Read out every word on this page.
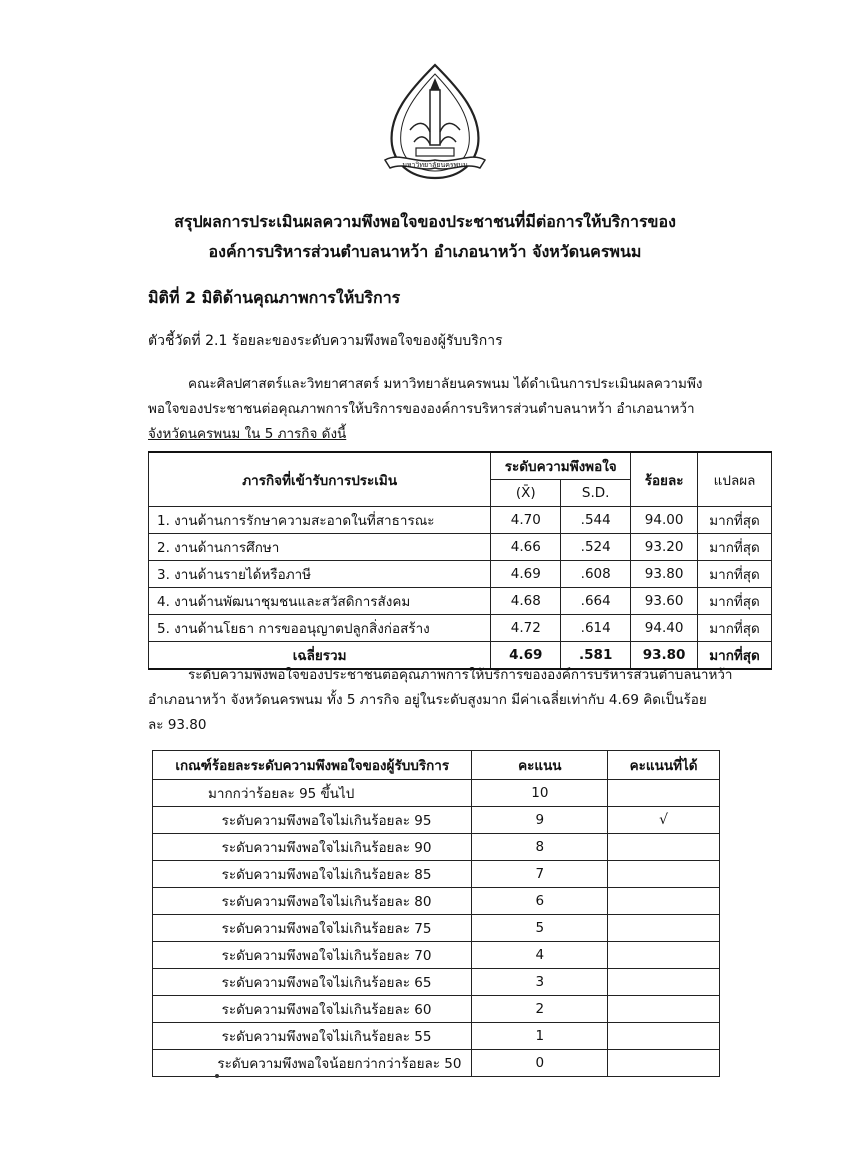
มหาวิทยาลัยนครพนม
สรุปผลการประเมินผลความพึงพอใจของประชาชนที่มีต่อการให้บริการของ
องค์การบริหารส่วนตำบลนาหว้า อำเภอนาหว้า จังหวัดนครพนม
มิติที่ 2 มิติด้านคุณภาพการให้บริการ
ตัวชี้วัดที่ 2.1 ร้อยละของระดับความพึงพอใจของผู้รับบริการ
คณะศิลปศาสตร์และวิทยาศาสตร์ มหาวิทยาลัยนครพนม ได้ดำเนินการประเมินผลความพึง
พอใจของประชาชนต่อคุณภาพการให้บริการขององค์การบริหารส่วนตำบลนาหว้า อำเภอนาหว้า
จังหวัดนครพนม ใน 5 ภารกิจ ดังนี้
ภารกิจที่เข้ารับการประเมิน	ระดับความพึงพอใจ		ร้อยละ	แปลผล
	(X̄)	S.D.		
1. งานด้านการรักษาความสะอาดในที่สาธารณะ	4.70	.544	94.00	มากที่สุด
2. งานด้านการศึกษา	4.66	.524	93.20	มากที่สุด
3. งานด้านรายได้หรือภาษี	4.69	.608	93.80	มากที่สุด
4. งานด้านพัฒนาชุมชนและสวัสดิการสังคม	4.68	.664	93.60	มากที่สุด
5. งานด้านโยธา การขออนุญาตปลูกสิ่งก่อสร้าง	4.72	.614	94.40	มากที่สุด
เฉลี่ยรวม	4.69	.581	93.80	มากที่สุด
ระดับความพึงพอใจของประชาชนต่อคุณภาพการให้บริการขององค์การบริหารส่วนตำบลนาหว้า
อำเภอนาหว้า จังหวัดนครพนม ทั้ง 5 ภารกิจ อยู่ในระดับสูงมาก มีค่าเฉลี่ยเท่ากับ 4.69 คิดเป็นร้อย
ละ 93.80
เกณฑ์ร้อยละระดับความพึงพอใจของผู้รับบริการ	คะแนน	คะแนนที่ได้
มากกว่าร้อยละ 95 ขึ้นไป	10	
ระดับความพึงพอใจไม่เกินร้อยละ 95	9	√
ระดับความพึงพอใจไม่เกินร้อยละ 90	8	
ระดับความพึงพอใจไม่เกินร้อยละ 85	7	
ระดับความพึงพอใจไม่เกินร้อยละ 80	6	
ระดับความพึงพอใจไม่เกินร้อยละ 75	5	
ระดับความพึงพอใจไม่เกินร้อยละ 70	4	
ระดับความพึงพอใจไม่เกินร้อยละ 65	3	
ระดับความพึงพอใจไม่เกินร้อยละ 60	2	
ระดับความพึงพอใจไม่เกินร้อยละ 55	1	
ระดับความพึงพอใจน้อยกว่ากว่าร้อยละ 50	0	
